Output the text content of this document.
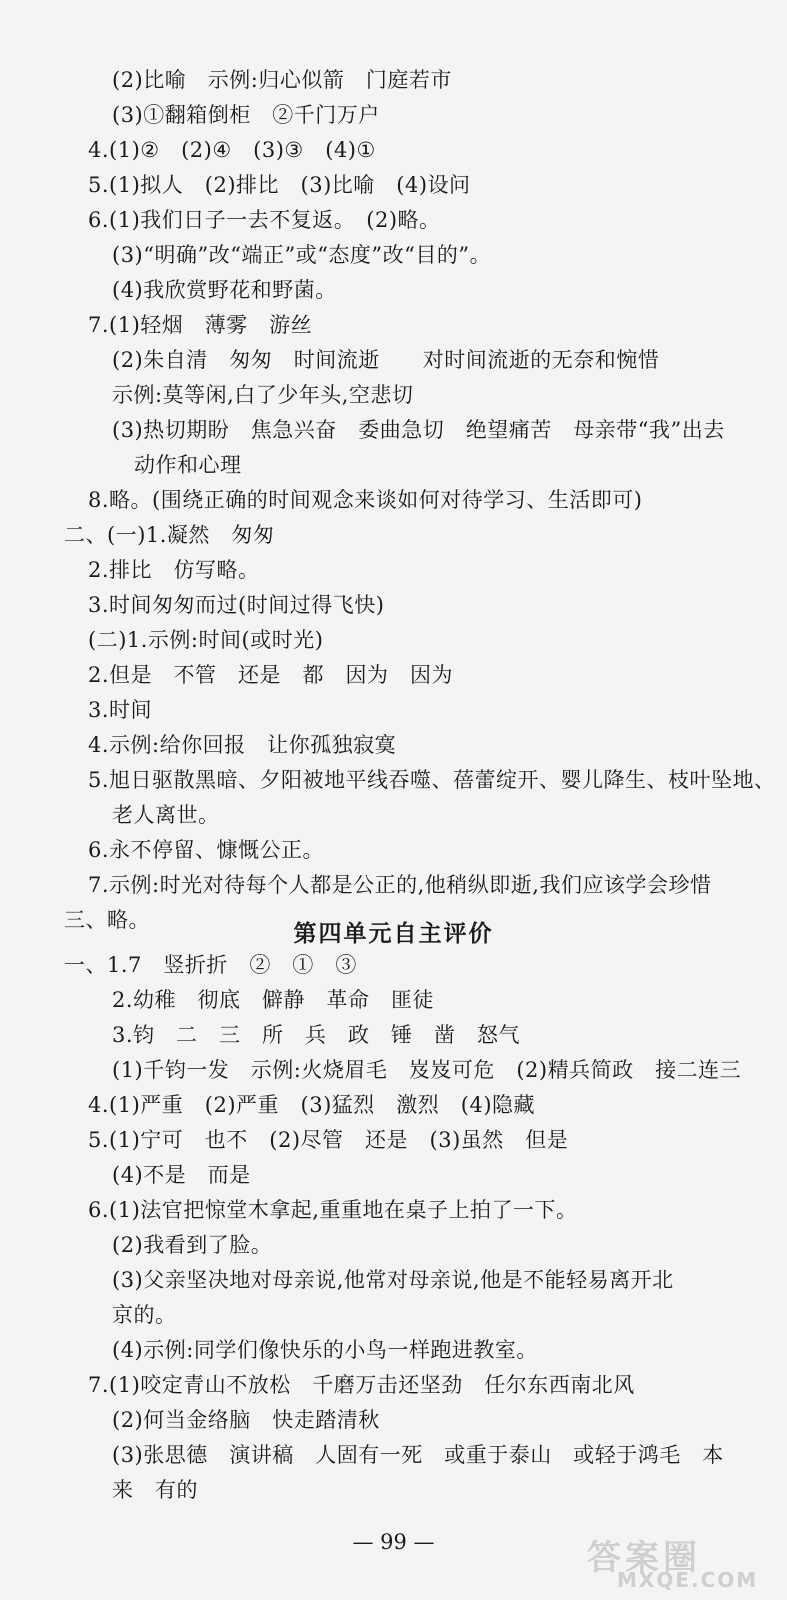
(2)比喻　示例:归心似箭　门庭若市
(3)①翻箱倒柜　②千门万户
4.(1)②　(2)④　(3)③　(4)①
5.(1)拟人　(2)排比　(3)比喻　(4)设问
6.(1)我们日子一去不复返。　(2)略。
(3)“明确”改“端正”或“态度”改“目的”。
(4)我欣赏野花和野菌。
7.(1)轻烟　薄雾　游丝
(2)朱自清　匆匆　时间流逝　　对时间流逝的无奈和惋惜
示例:莫等闲,白了少年头,空悲切
(3)热切期盼　焦急兴奋　委曲急切　绝望痛苦　母亲带“我”出去
动作和心理
8.略。(围绕正确的时间观念来谈如何对待学习、生活即可)
二、(一)1.凝然　匆匆
2.排比　仿写略。
3.时间匆匆而过(时间过得飞快)
(二)1.示例:时间(或时光)
2.但是　不管　还是　都　因为　因为
3.时间
4.示例:给你回报　让你孤独寂寞
5.旭日驱散黑暗、夕阳被地平线吞噬、蓓蕾绽开、婴儿降生、枝叶坠地、
老人离世。
6.永不停留、慷慨公正。
7.示例:时光对待每个人都是公正的,他稍纵即逝,我们应该学会珍惜
三、略。	第四单元自主评价
一、1.7　竖折折　②　①　③
2.幼稚　彻底　僻静　革命　匪徒
3.钧　二　三　所　兵　政　锤　凿　怒气
(1)千钧一发　示例:火烧眉毛　岌岌可危　(2)精兵简政　接二连三
4.(1)严重　(2)严重　(3)猛烈　激烈　(4)隐藏
5.(1)宁可　也不　(2)尽管　还是　(3)虽然　但是
(4)不是　而是
6.(1)法官把惊堂木拿起,重重地在桌子上拍了一下。
(2)我看到了脸。
(3)父亲坚决地对母亲说,他常对母亲说,他是不能轻易离开北
京的。
(4)示例:同学们像快乐的小鸟一样跑进教室。
7.(1)咬定青山不放松　千磨万击还坚劲　任尔东西南北风
(2)何当金络脑　快走踏清秋
(3)张思德　演讲稿　人固有一死　或重于泰山　或轻于鸿毛　本
来　有的
— 99 —	答案圈
MXQE.COM
